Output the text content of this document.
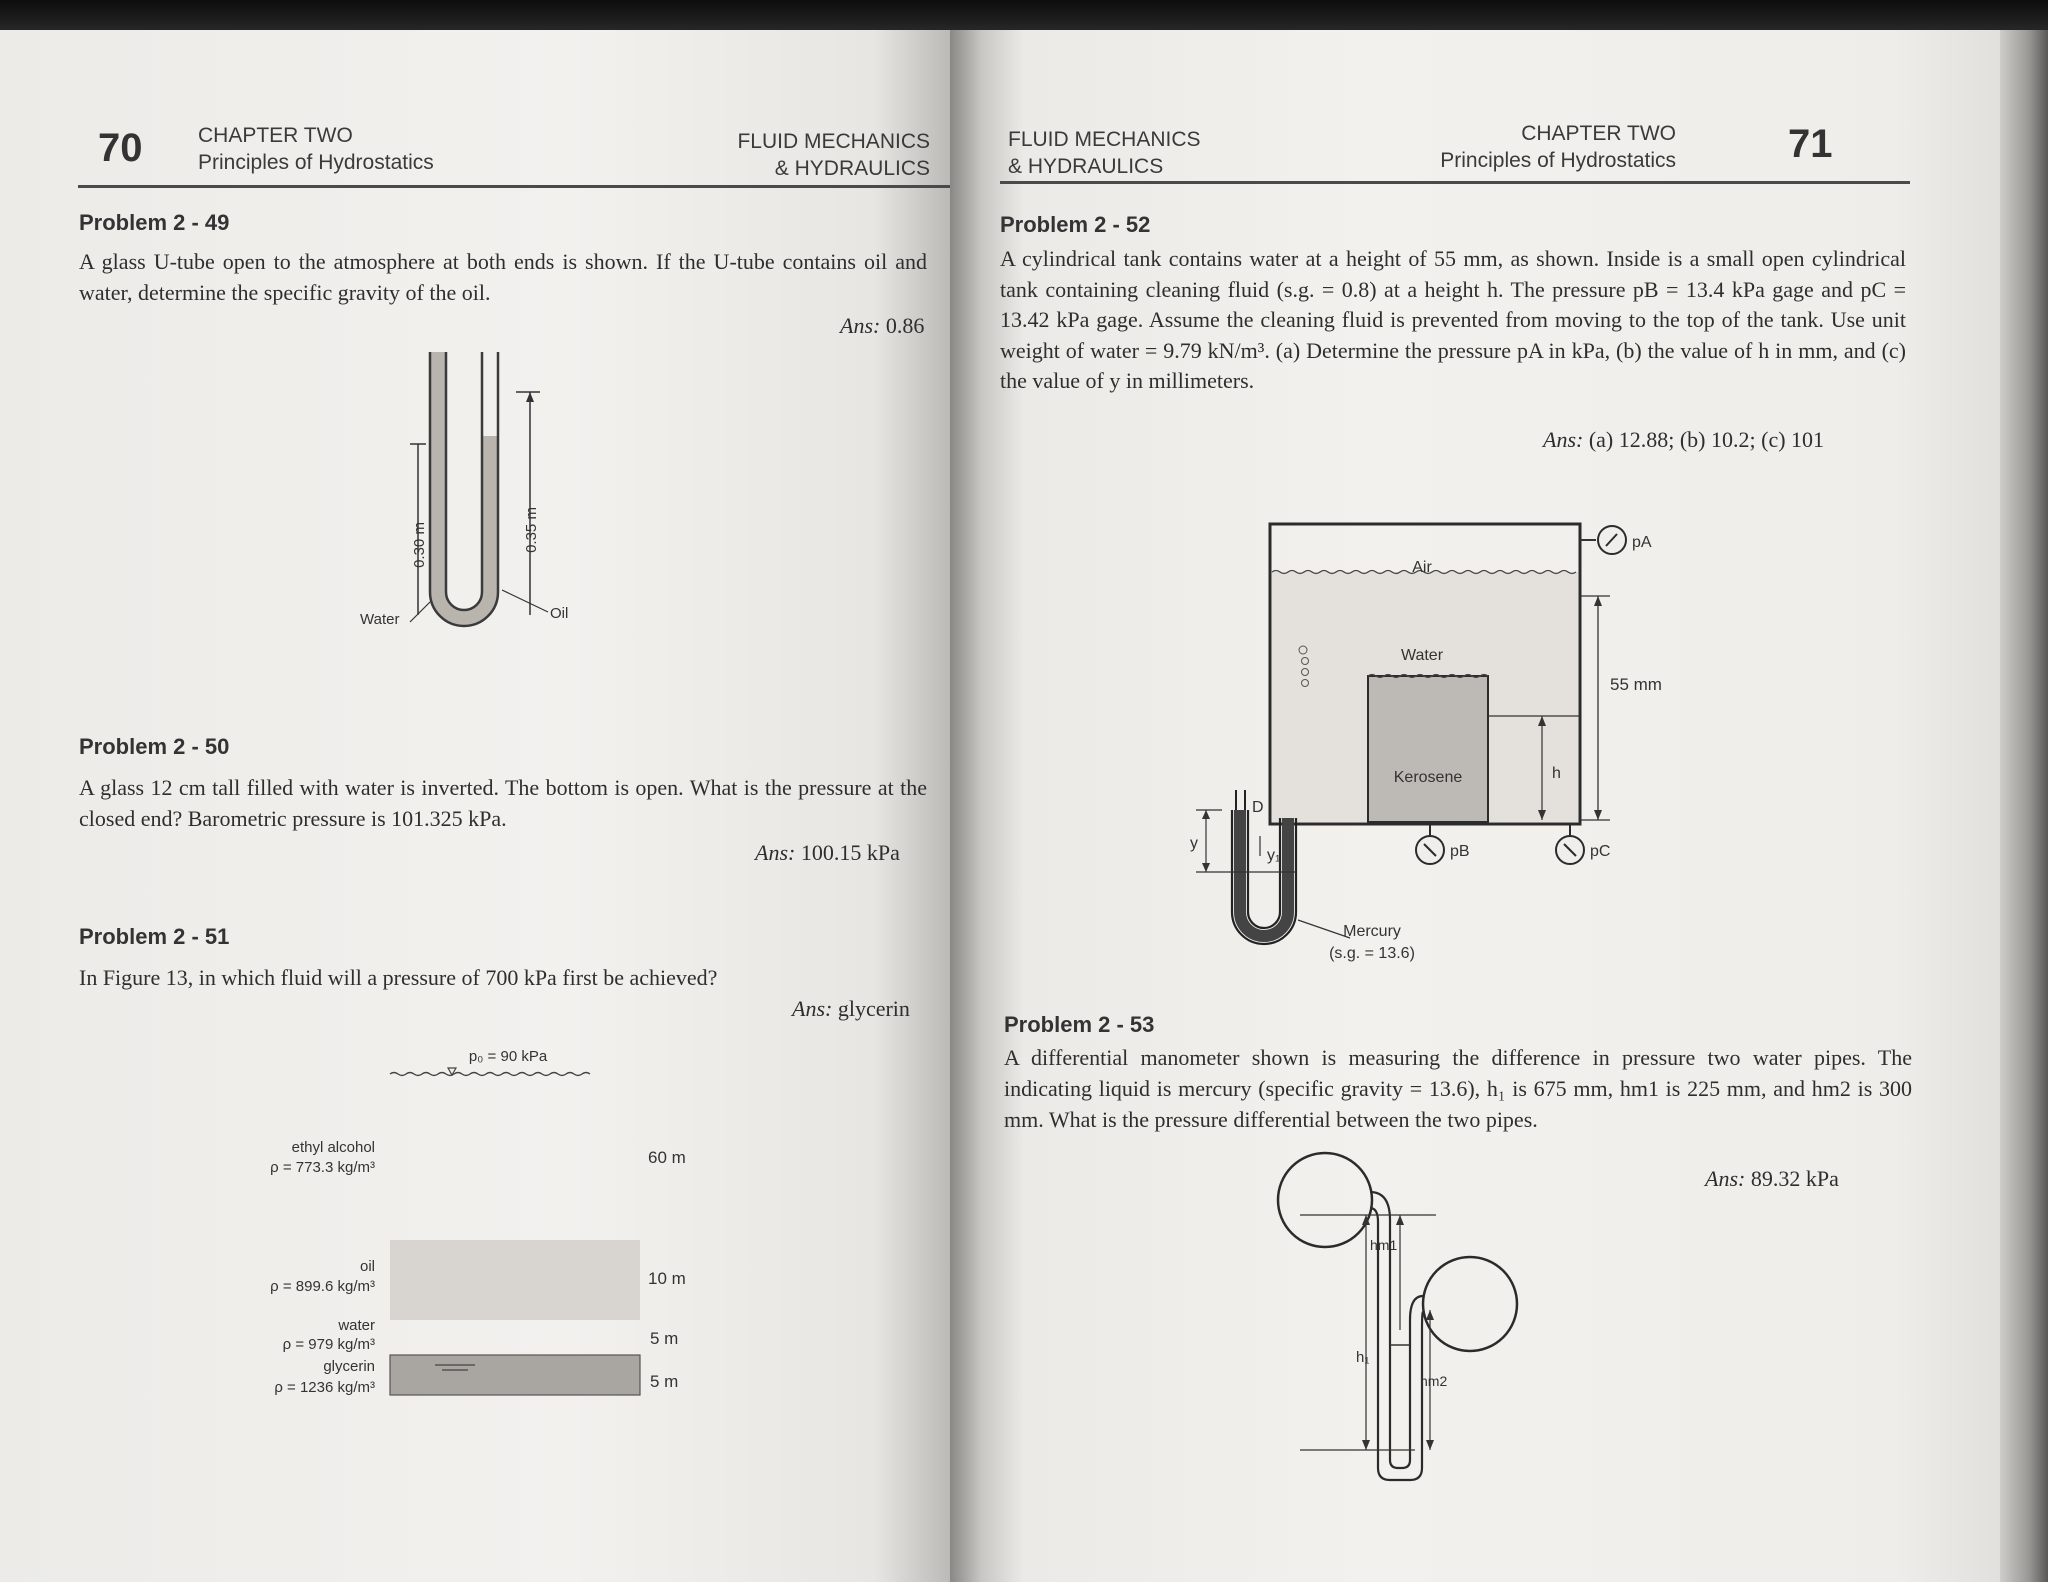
70	CHAPTER TWO
Principles of Hydrostatics
FLUID MECHANICS
& HYDRAULICS
Problem 2 - 49
A glass U-tube open to the atmosphere at both ends is shown. If the U-tube contains oil and water, determine the specific gravity of the oil.
Ans: 0.86
0.30 m	0.35 m
Water	Oil
Problem 2 - 50
A glass 12 cm tall filled with water is inverted. The bottom is open. What is the pressure at the closed end? Barometric pressure is 101.325 kPa.
Ans: 100.15 kPa
Problem 2 - 51
In Figure 13, in which fluid will a pressure of 700 kPa first be achieved?
Ans: glycerin
p₀ = 90 kPa
ethyl alcohol
ρ = 773.3 kg/m³
60 m
oil
ρ = 899.6 kg/m³	10 m
water
ρ = 979 kg/m³	5 m
glycerin
ρ = 1236 kg/m³	5 m
FLUID MECHANICS
& HYDRAULICS
CHAPTER TWO
Principles of Hydrostatics	71
Problem 2 - 52
A cylindrical tank contains water at a height of 55 mm, as shown. Inside is a small open cylindrical tank containing cleaning fluid (s.g. = 0.8) at a height h. The pressure pB = 13.4 kPa gage and pC = 13.42 kPa gage. Assume the cleaning fluid is prevented from moving to the top of the tank. Use unit weight of water = 9.79 kN/m³. (a) Determine the pressure pA in kPa, (b) the value of h in mm, and (c) the value of y in millimeters.
Ans: (a) 12.88; (b) 10.2; (c) 101
Air
Water
Kerosene
pA
55 mm
h
pB	pC
D
y
y₁
Mercury
(s.g. = 13.6)
Problem 2 - 53
A differential manometer shown is measuring the difference in pressure two water pipes. The indicating liquid is mercury (specific gravity = 13.6), h₁ is 675 mm, hm1 is 225 mm, and hm2 is 300 mm. What is the pressure differential between the two pipes.
Ans: 89.32 kPa
h₁
hm1
hm2
